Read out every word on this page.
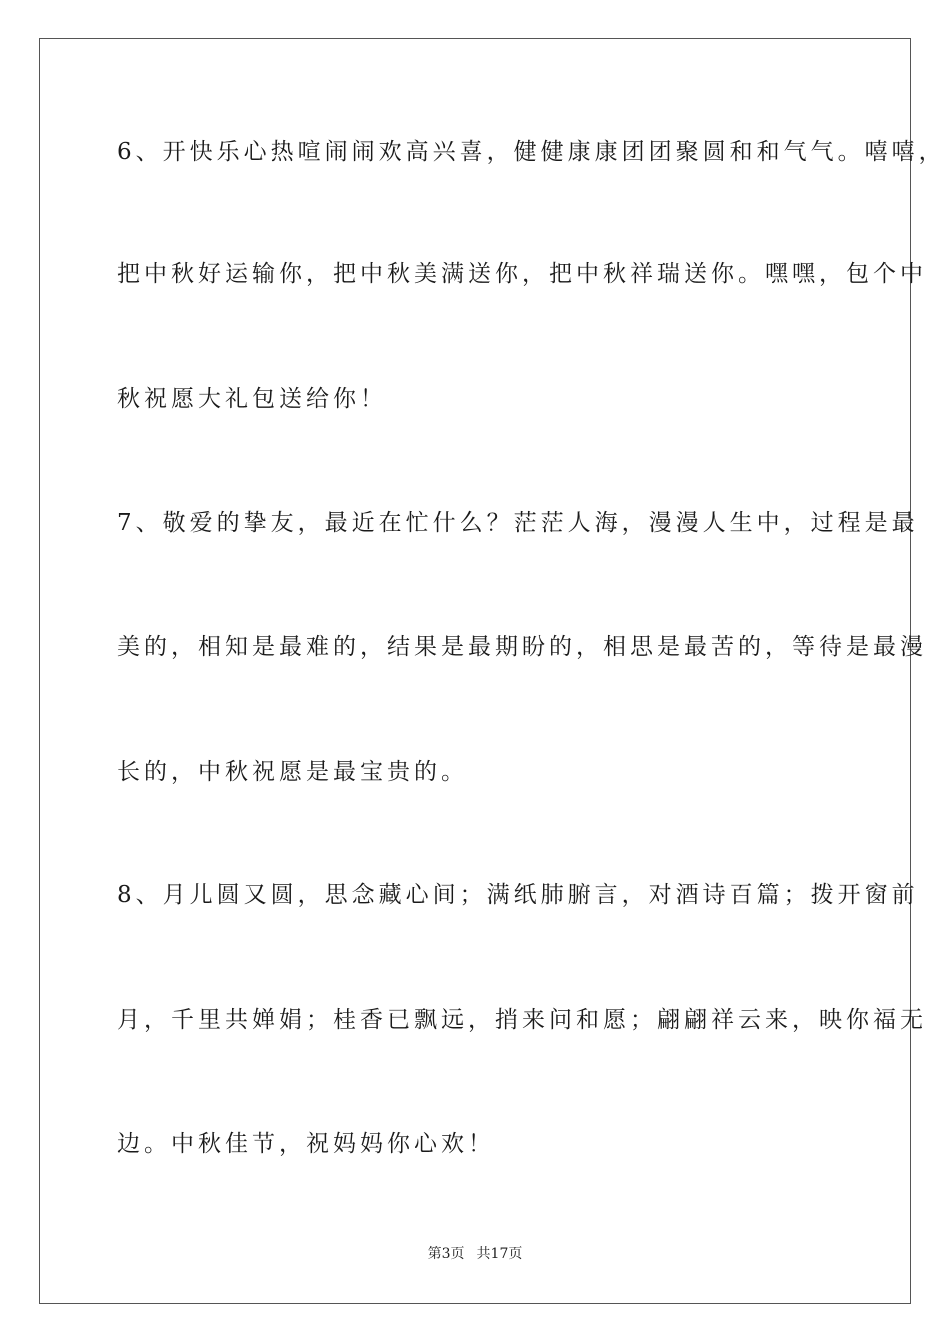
6、开快乐心热喧闹闹欢高兴喜，健健康康团团聚圆和和气气。嘻嘻，
把中秋好运输你，把中秋美满送你，把中秋祥瑞送你。嘿嘿，包个中
秋祝愿大礼包送给你！
7、敬爱的挚友，最近在忙什么？茫茫人海，漫漫人生中，过程是最
美的，相知是最难的，结果是最期盼的，相思是最苦的，等待是最漫
长的，中秋祝愿是最宝贵的。
8、月儿圆又圆，思念藏心间；满纸肺腑言，对酒诗百篇；拨开窗前
月，千里共婵娟；桂香已飘远，捎来问和愿；翩翩祥云来，映你福无
边。中秋佳节，祝妈妈你心欢！
第3页 共17页
